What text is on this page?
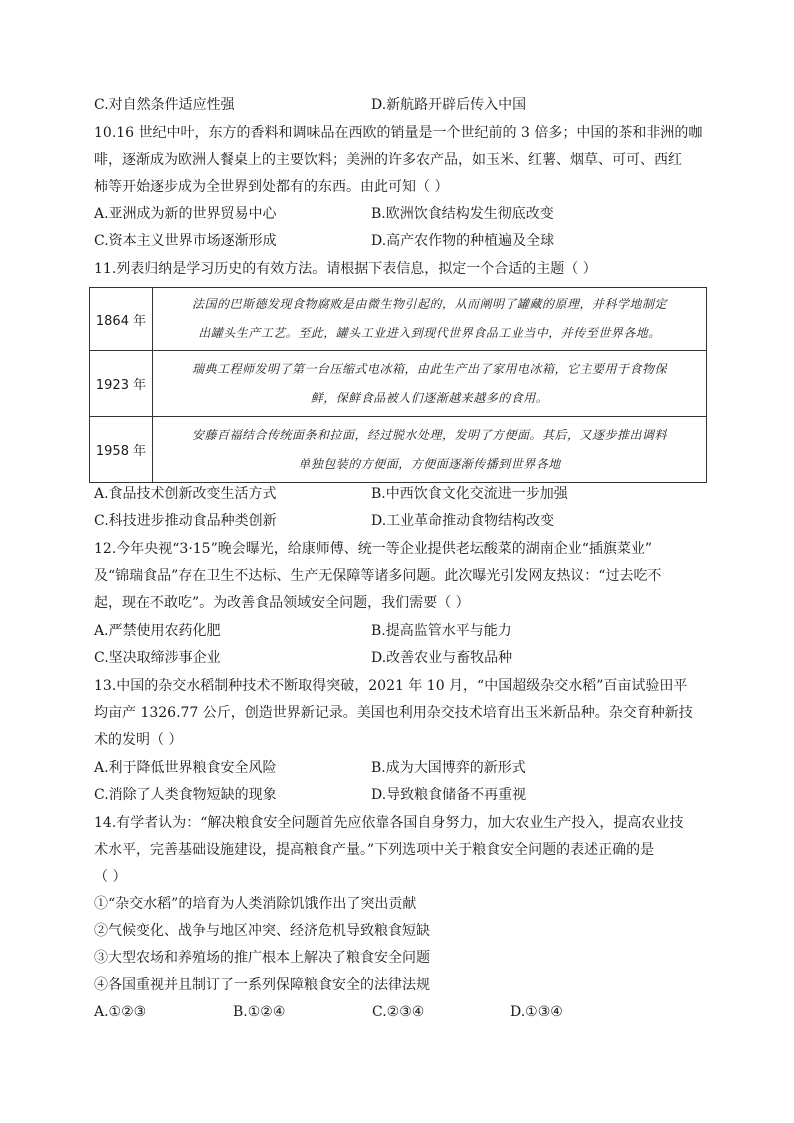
C.对自然条件适应性强	D.新航路开辟后传入中国
10.16 世纪中叶，东方的香料和调味品在西欧的销量是一个世纪前的 3 倍多；中国的茶和非洲的咖
啡，逐渐成为欧洲人餐桌上的主要饮料；美洲的许多农产品，如玉米、红薯、烟草、可可、西红
柿等开始逐步成为全世界到处都有的东西。由此可知（ ）
A.亚洲成为新的世界贸易中心	B.欧洲饮食结构发生彻底改变
C.资本主义世界市场逐渐形成	D.高产农作物的种植遍及全球
11.列表归纳是学习历史的有效方法。请根据下表信息，拟定一个合适的主题（ ）
1864 年	法国的巴斯德发现食物腐败是由微生物引起的，从而阐明了罐藏的原理，并科学地制定
出罐头生产工艺。至此，罐头工业进入到现代世界食品工业当中，并传至世界各地。

1923 年	瑞典工程师发明了第一台压缩式电冰箱，由此生产出了家用电冰箱，它主要用于食物保
鲜，保鲜食品被人们逐渐越来越多的食用。

1958 年	安藤百福结合传统面条和拉面，经过脱水处理，发明了方便面。其后，又逐步推出调料
单独包装的方便面，方便面逐渐传播到世界各地
A.食品技术创新改变生活方式	B.中西饮食文化交流进一步加强
C.科技进步推动食品种类创新	D.工业革命推动食物结构改变
12.今年央视“3·15”晚会曝光，给康师傅、统一等企业提供老坛酸菜的湖南企业“插旗菜业”
及“锦瑞食品”存在卫生不达标、生产无保障等诸多问题。此次曝光引发网友热议：“过去吃不
起，现在不敢吃”。为改善食品领域安全问题，我们需要（ ）
A.严禁使用农药化肥	B.提高监管水平与能力
C.坚决取缔涉事企业	D.改善农业与畜牧品种
13.中国的杂交水稻制种技术不断取得突破，2021 年 10 月，“中国超级杂交水稻”百亩试验田平
均亩产 1326.77 公斤，创造世界新记录。美国也利用杂交技术培育出玉米新品种。杂交育种新技
术的发明（ ）
A.利于降低世界粮食安全风险	B.成为大国博弈的新形式
C.消除了人类食物短缺的现象	D.导致粮食储备不再重视
14.有学者认为：“解决粮食安全问题首先应依靠各国自身努力，加大农业生产投入，提高农业技
术水平，完善基础设施建设，提高粮食产量。”下列选项中关于粮食安全问题的表述正确的是
（ ）
①“杂交水稻”的培育为人类消除饥饿作出了突出贡献
②气候变化、战争与地区冲突、经济危机导致粮食短缺
③大型农场和养殖场的推广根本上解决了粮食安全问题
④各国重视并且制订了一系列保障粮食安全的法律法规
A.①②③	B.①②④	C.②③④	D.①③④
